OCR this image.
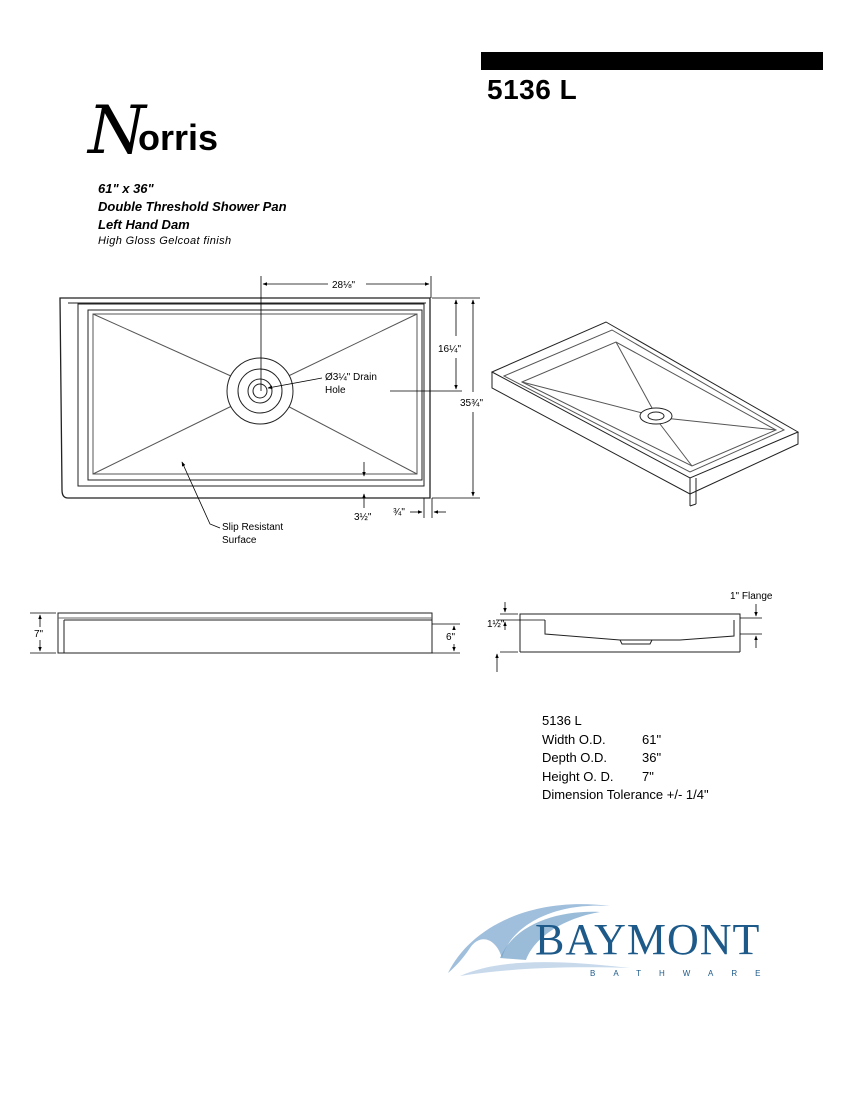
5136 L
N
orris
61" x 36"
Double Threshold Shower Pan
Left Hand Dam
High Gloss Gelcoat finish
28⅛"
16¼"
35¾"
Ø3¼" Drain
Hole
3½" ¾"
Slip Resistant
Surface
7"	6"
1½"
1" Flange
5136 L
Width O.D.	61"
Depth O.D.	36"
Height O. D. 7"
Dimension Tolerance +/- 1/4"
BAYMONT
BATHWARE
